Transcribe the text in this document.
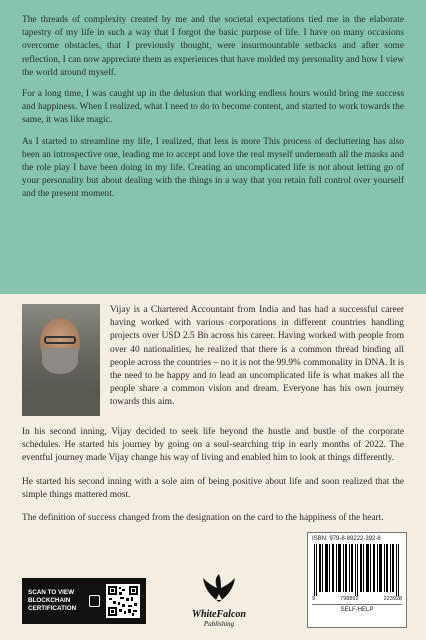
The threads of complexity created by me and the societal expectations tied me in the elaborate tapestry of my life in such a way that I forgot the basic purpose of life. I have on many occasions overcome obstacles, that I previously thought, were insurmountable setbacks and after some reflection, I can now appreciate them as experiences that have molded my personality and how I view the world around myself.

For a long time, I was caught up in the delusion that working endless hours would bring me success and happiness. When I realized, what I need to do to become content, and started to work towards the same, it was like magic.

As I started to streamline my life, I realized, that less is more This process of decluttering has also been an introspective one, leading me to accept and love the real myself underneath all the masks and the role play I have been doing in my life. Creating an uncomplicated life is not about letting go of your personality but about dealing with the things in a way that you retain full control over yourself and the present moment.

Vijay is a Chartered Accountant from India and has had a successful career having worked with various corporations in different countries handling projects over USD 2.5 Bn across his career. Having worked with people from over 40 nationalities, he realized that there is a common thread binding all people across the countries – no it is not the 99.9% commonality in DNA. It is the need to be happy and to lead an uncomplicated life is what makes all the people share a common vision and dream. Everyone has his own journey towards this aim.

In his second inning, Vijay decided to seek life beyond the hustle and bustle of the corporate schedules. He started his journey by going on a soul-searching trip in early months of 2022. The eventful journey made Vijay change his way of living and enabled him to look at things differently.

He started his second inning with a sole aim of being positive about life and soon realized that the simple things mattered most.

The definition of success changed from the designation on the card to the happiness of the heart.

SCAN TO VIEW
BLOCKCHAIN
CERTIFICATION
WhiteFalcon
Publishing
ISBN: 979-8-89222-392-8
9	798892	223928
SELF-HELP
